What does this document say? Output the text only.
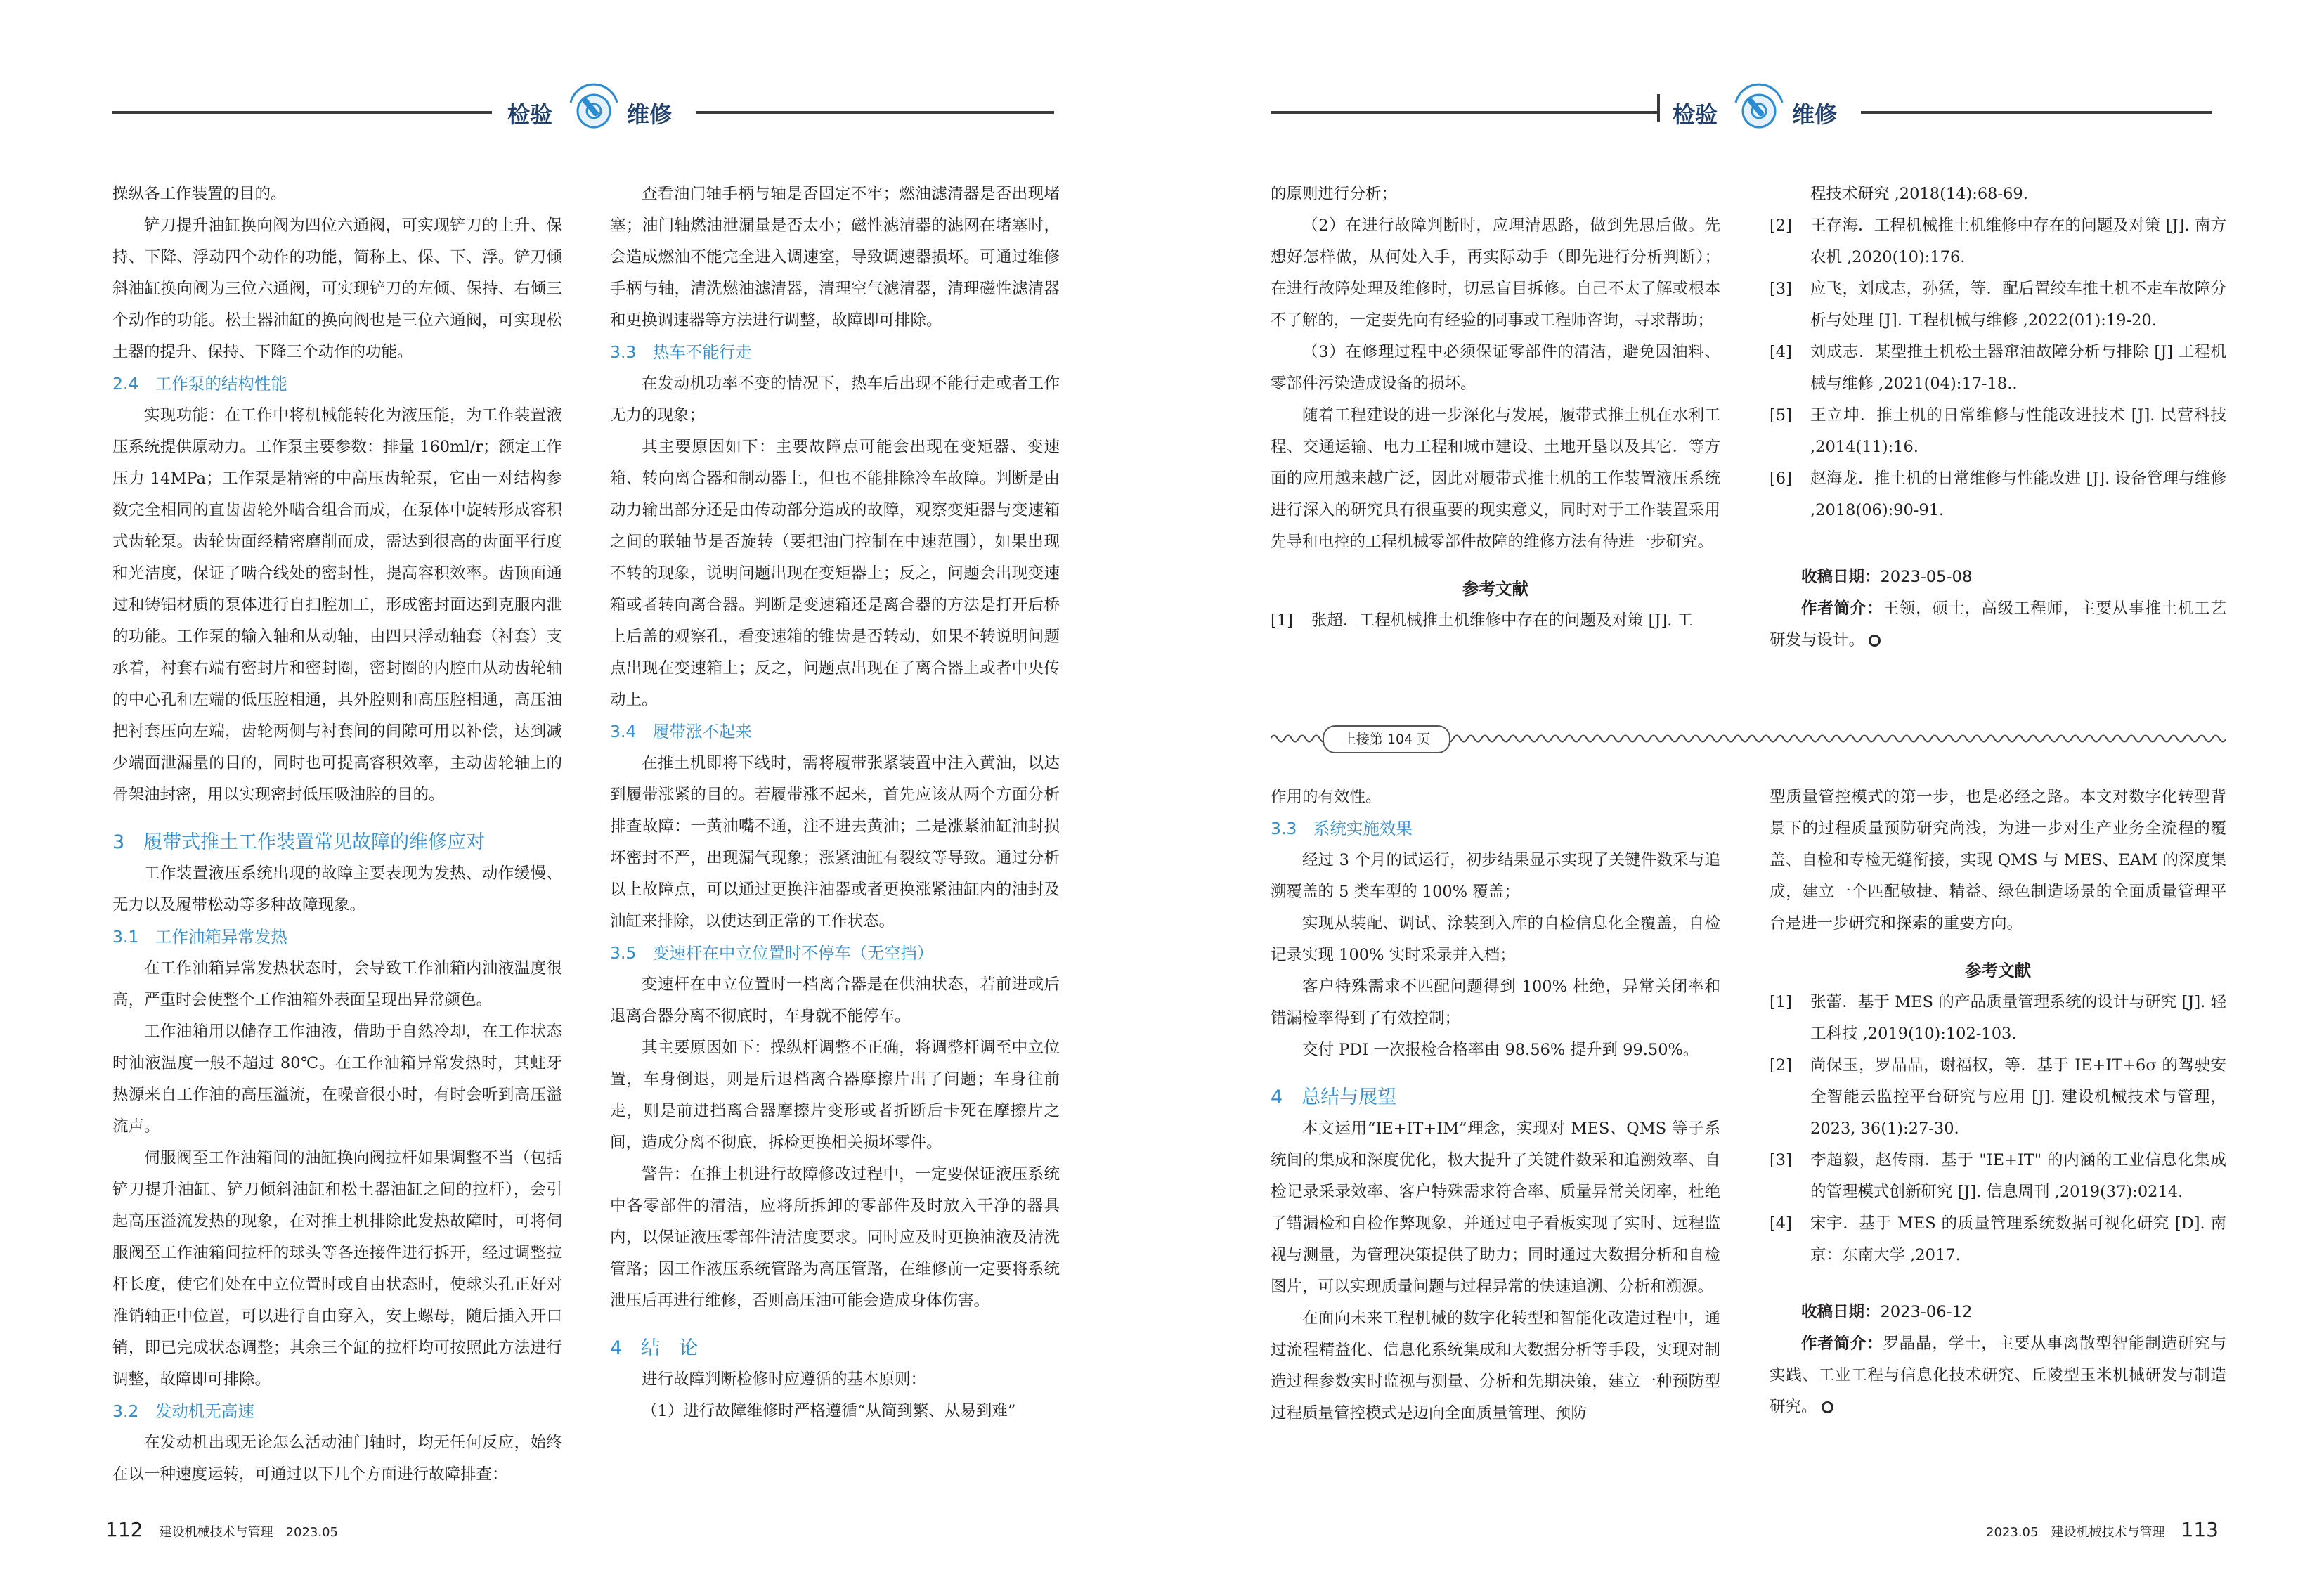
检验	维修	检验	维修

操纵各工作装置的目的。

铲刀提升油缸换向阀为四位六通阀，可实现铲刀的上升、保持、下降、浮动四个动作的功能，简称上、保、下、浮。铲刀倾斜油缸换向阀为三位六通阀，可实现铲刀的左倾、保持、右倾三个动作的功能。松土器油缸的换向阀也是三位六通阀，可实现松土器的提升、保持、下降三个动作的功能。

2.4　工作泵的结构性能

实现功能：在工作中将机械能转化为液压能，为工作装置液压系统提供原动力。工作泵主要参数：排量 160ml/r；额定工作压力 14MPa；工作泵是精密的中高压齿轮泵，它由一对结构参数完全相同的直齿齿轮外啮合组合而成，在泵体中旋转形成容积式齿轮泵。齿轮齿面经精密磨削而成，需达到很高的齿面平行度和光洁度，保证了啮合线处的密封性，提高容积效率。齿顶面通过和铸铝材质的泵体进行自扫腔加工，形成密封面达到克服内泄的功能。工作泵的输入轴和从动轴，由四只浮动轴套（衬套）支承着，衬套右端有密封片和密封圈，密封圈的内腔由从动齿轮轴的中心孔和左端的低压腔相通，其外腔则和高压腔相通，高压油把衬套压向左端，齿轮两侧与衬套间的间隙可用以补偿，达到减少端面泄漏量的目的，同时也可提高容积效率，主动齿轮轴上的骨架油封密，用以实现密封低压吸油腔的目的。

3　履带式推土工作装置常见故障的维修应对

工作装置液压系统出现的故障主要表现为发热、动作缓慢、无力以及履带松动等多种故障现象。

3.1　工作油箱异常发热

在工作油箱异常发热状态时，会导致工作油箱内油液温度很高，严重时会使整个工作油箱外表面呈现出异常颜色。

工作油箱用以储存工作油液，借助于自然冷却，在工作状态时油液温度一般不超过 80℃。在工作油箱异常发热时，其蛀牙热源来自工作油的高压溢流，在噪音很小时，有时会听到高压溢流声。

伺服阀至工作油箱间的油缸换向阀拉杆如果调整不当（包括铲刀提升油缸、铲刀倾斜油缸和松土器油缸之间的拉杆），会引起高压溢流发热的现象，在对推土机排除此发热故障时，可将伺服阀至工作油箱间拉杆的球头等各连接件进行拆开，经过调整拉杆长度，使它们处在中立位置时或自由状态时，使球头孔正好对准销轴正中位置，可以进行自由穿入，安上螺母，随后插入开口销，即已完成状态调整；其余三个缸的拉杆均可按照此方法进行调整，故障即可排除。

3.2　发动机无高速

在发动机出现无论怎么活动油门轴时，均无任何反应，始终在以一种速度运转，可通过以下几个方面进行故障排查：

查看油门轴手柄与轴是否固定不牢；燃油滤清器是否出现堵塞；油门轴燃油泄漏量是否太小；磁性滤清器的滤网在堵塞时，会造成燃油不能完全进入调速室，导致调速器损坏。可通过维修手柄与轴，清洗燃油滤清器，清理空气滤清器，清理磁性滤清器和更换调速器等方法进行调整，故障即可排除。

3.3　热车不能行走

在发动机功率不变的情况下，热车后出现不能行走或者工作无力的现象；

其主要原因如下：主要故障点可能会出现在变矩器、变速箱、转向离合器和制动器上，但也不能排除冷车故障。判断是由动力输出部分还是由传动部分造成的故障，观察变矩器与变速箱之间的联轴节是否旋转（要把油门控制在中速范围），如果出现不转的现象，说明问题出现在变矩器上；反之，问题会出现变速箱或者转向离合器。判断是变速箱还是离合器的方法是打开后桥上后盖的观察孔，看变速箱的锥齿是否转动，如果不转说明问题点出现在变速箱上；反之，问题点出现在了离合器上或者中央传动上。

3.4　履带涨不起来

在推土机即将下线时，需将履带张紧装置中注入黄油，以达到履带涨紧的目的。若履带涨不起来，首先应该从两个方面分析排查故障：一黄油嘴不通，注不进去黄油；二是涨紧油缸油封损坏密封不严，出现漏气现象；涨紧油缸有裂纹等导致。通过分析以上故障点，可以通过更换注油器或者更换涨紧油缸内的油封及油缸来排除，以使达到正常的工作状态。

3.5　变速杆在中立位置时不停车（无空挡）

变速杆在中立位置时一档离合器是在供油状态，若前进或后退离合器分离不彻底时，车身就不能停车。

其主要原因如下：操纵杆调整不正确，将调整杆调至中立位置，车身倒退，则是后退档离合器摩擦片出了问题；车身往前走，则是前进挡离合器摩擦片变形或者折断后卡死在摩擦片之间，造成分离不彻底，拆检更换相关损坏零件。

警告：在推土机进行故障修改过程中，一定要保证液压系统中各零部件的清洁，应将所拆卸的零部件及时放入干净的器具内，以保证液压零部件清洁度要求。同时应及时更换油液及清洗管路；因工作液压系统管路为高压管路，在维修前一定要将系统泄压后再进行维修，否则高压油可能会造成身体伤害。

4　结　论

进行故障判断检修时应遵循的基本原则：

（1）进行故障维修时严格遵循“从简到繁、从易到难”

的原则进行分析；

（2）在进行故障判断时，应理清思路，做到先思后做。先想好怎样做，从何处入手，再实际动手（即先进行分析判断）；在进行故障处理及维修时，切忌盲目拆修。自己不太了解或根本不了解的，一定要先向有经验的同事或工程师咨询，寻求帮助；

（3）在修理过程中必须保证零部件的清洁，避免因油料、零部件污染造成设备的损坏。

随着工程建设的进一步深化与发展，履带式推土机在水利工程、交通运输、电力工程和城市建设、土地开垦以及其它．等方面的应用越来越广泛，因此对履带式推土机的工作装置液压系统进行深入的研究具有很重要的现实意义，同时对于工作装置采用先导和电控的工程机械零部件故障的维修方法有待进一步研究。

参考文献
[1]	张超．工程机械推土机维修中存在的问题及对策 [J]. 工
程技术研究 ,2018(14):68-69.
[2]	王存海．工程机械推土机维修中存在的问题及对策 [J]. 南方农机 ,2020(10):176.
[3]	应飞，刘成志，孙猛，等．配后置绞车推土机不走车故障分析与处理 [J]. 工程机械与维修 ,2022(01):19-20.
[4]	刘成志．某型推土机松土器窜油故障分析与排除 [J] 工程机械与维修 ,2021(04):17-18..
[5]	王立坤．推土机的日常维修与性能改进技术 [J]. 民营科技 ,2014(11):16.
[6]	赵海龙．推土机的日常维修与性能改进 [J]. 设备管理与维修 ,2018(06):90-91.

收稿日期：2023-05-08

作者简介：王领，硕士，高级工程师，主要从事推土机工艺研发与设计。

上接第 104 页

作用的有效性。

3.3　系统实施效果

经过 3 个月的试运行，初步结果显示实现了关键件数采与追溯覆盖的 5 类车型的 100% 覆盖；

实现从装配、调试、涂装到入库的自检信息化全覆盖，自检记录实现 100% 实时采录并入档；

客户特殊需求不匹配问题得到 100% 杜绝，异常关闭率和错漏检率得到了有效控制；

交付 PDI 一次报检合格率由 98.56% 提升到 99.50%。

4　总结与展望

本文运用“IE+IT+IM”理念，实现对 MES、QMS 等子系统间的集成和深度优化，极大提升了关键件数采和追溯效率、自检记录采录效率、客户特殊需求符合率、质量异常关闭率，杜绝了错漏检和自检作弊现象，并通过电子看板实现了实时、远程监视与测量，为管理决策提供了助力；同时通过大数据分析和自检图片，可以实现质量问题与过程异常的快速追溯、分析和溯源。

在面向未来工程机械的数字化转型和智能化改造过程中，通过流程精益化、信息化系统集成和大数据分析等手段，实现对制造过程参数实时监视与测量、分析和先期决策，建立一种预防型过程质量管控模式是迈向全面质量管理、预防

型质量管控模式的第一步，也是必经之路。本文对数字化转型背景下的过程质量预防研究尚浅，为进一步对生产业务全流程的覆盖、自检和专检无缝衔接，实现 QMS 与 MES、EAM 的深度集成，建立一个匹配敏捷、精益、绿色制造场景的全面质量管理平台是进一步研究和探索的重要方向。

参考文献
[1]	张蕾．基于 MES 的产品质量管理系统的设计与研究 [J]. 轻工科技 ,2019(10):102-103.
[2]	尚保玉，罗晶晶，谢福权，等．基于 IE+IT+6σ 的驾驶安全智能云监控平台研究与应用 [J]. 建设机械技术与管理，2023, 36(1):27-30.
[3]	李超毅，赵传雨．基于 "IE+IT" 的内涵的工业信息化集成的管理模式创新研究 [J]. 信息周刊 ,2019(37):0214.
[4]	宋宇．基于 MES 的质量管理系统数据可视化研究 [D]. 南京：东南大学 ,2017.

收稿日期：2023-06-12

作者简介：罗晶晶，学士，主要从事离散型智能制造研究与实践、工业工程与信息化技术研究、丘陵型玉米机械研发与制造研究。

112 建设机械技术与管理　2023.05	2023.05　建设机械技术与管理 113
